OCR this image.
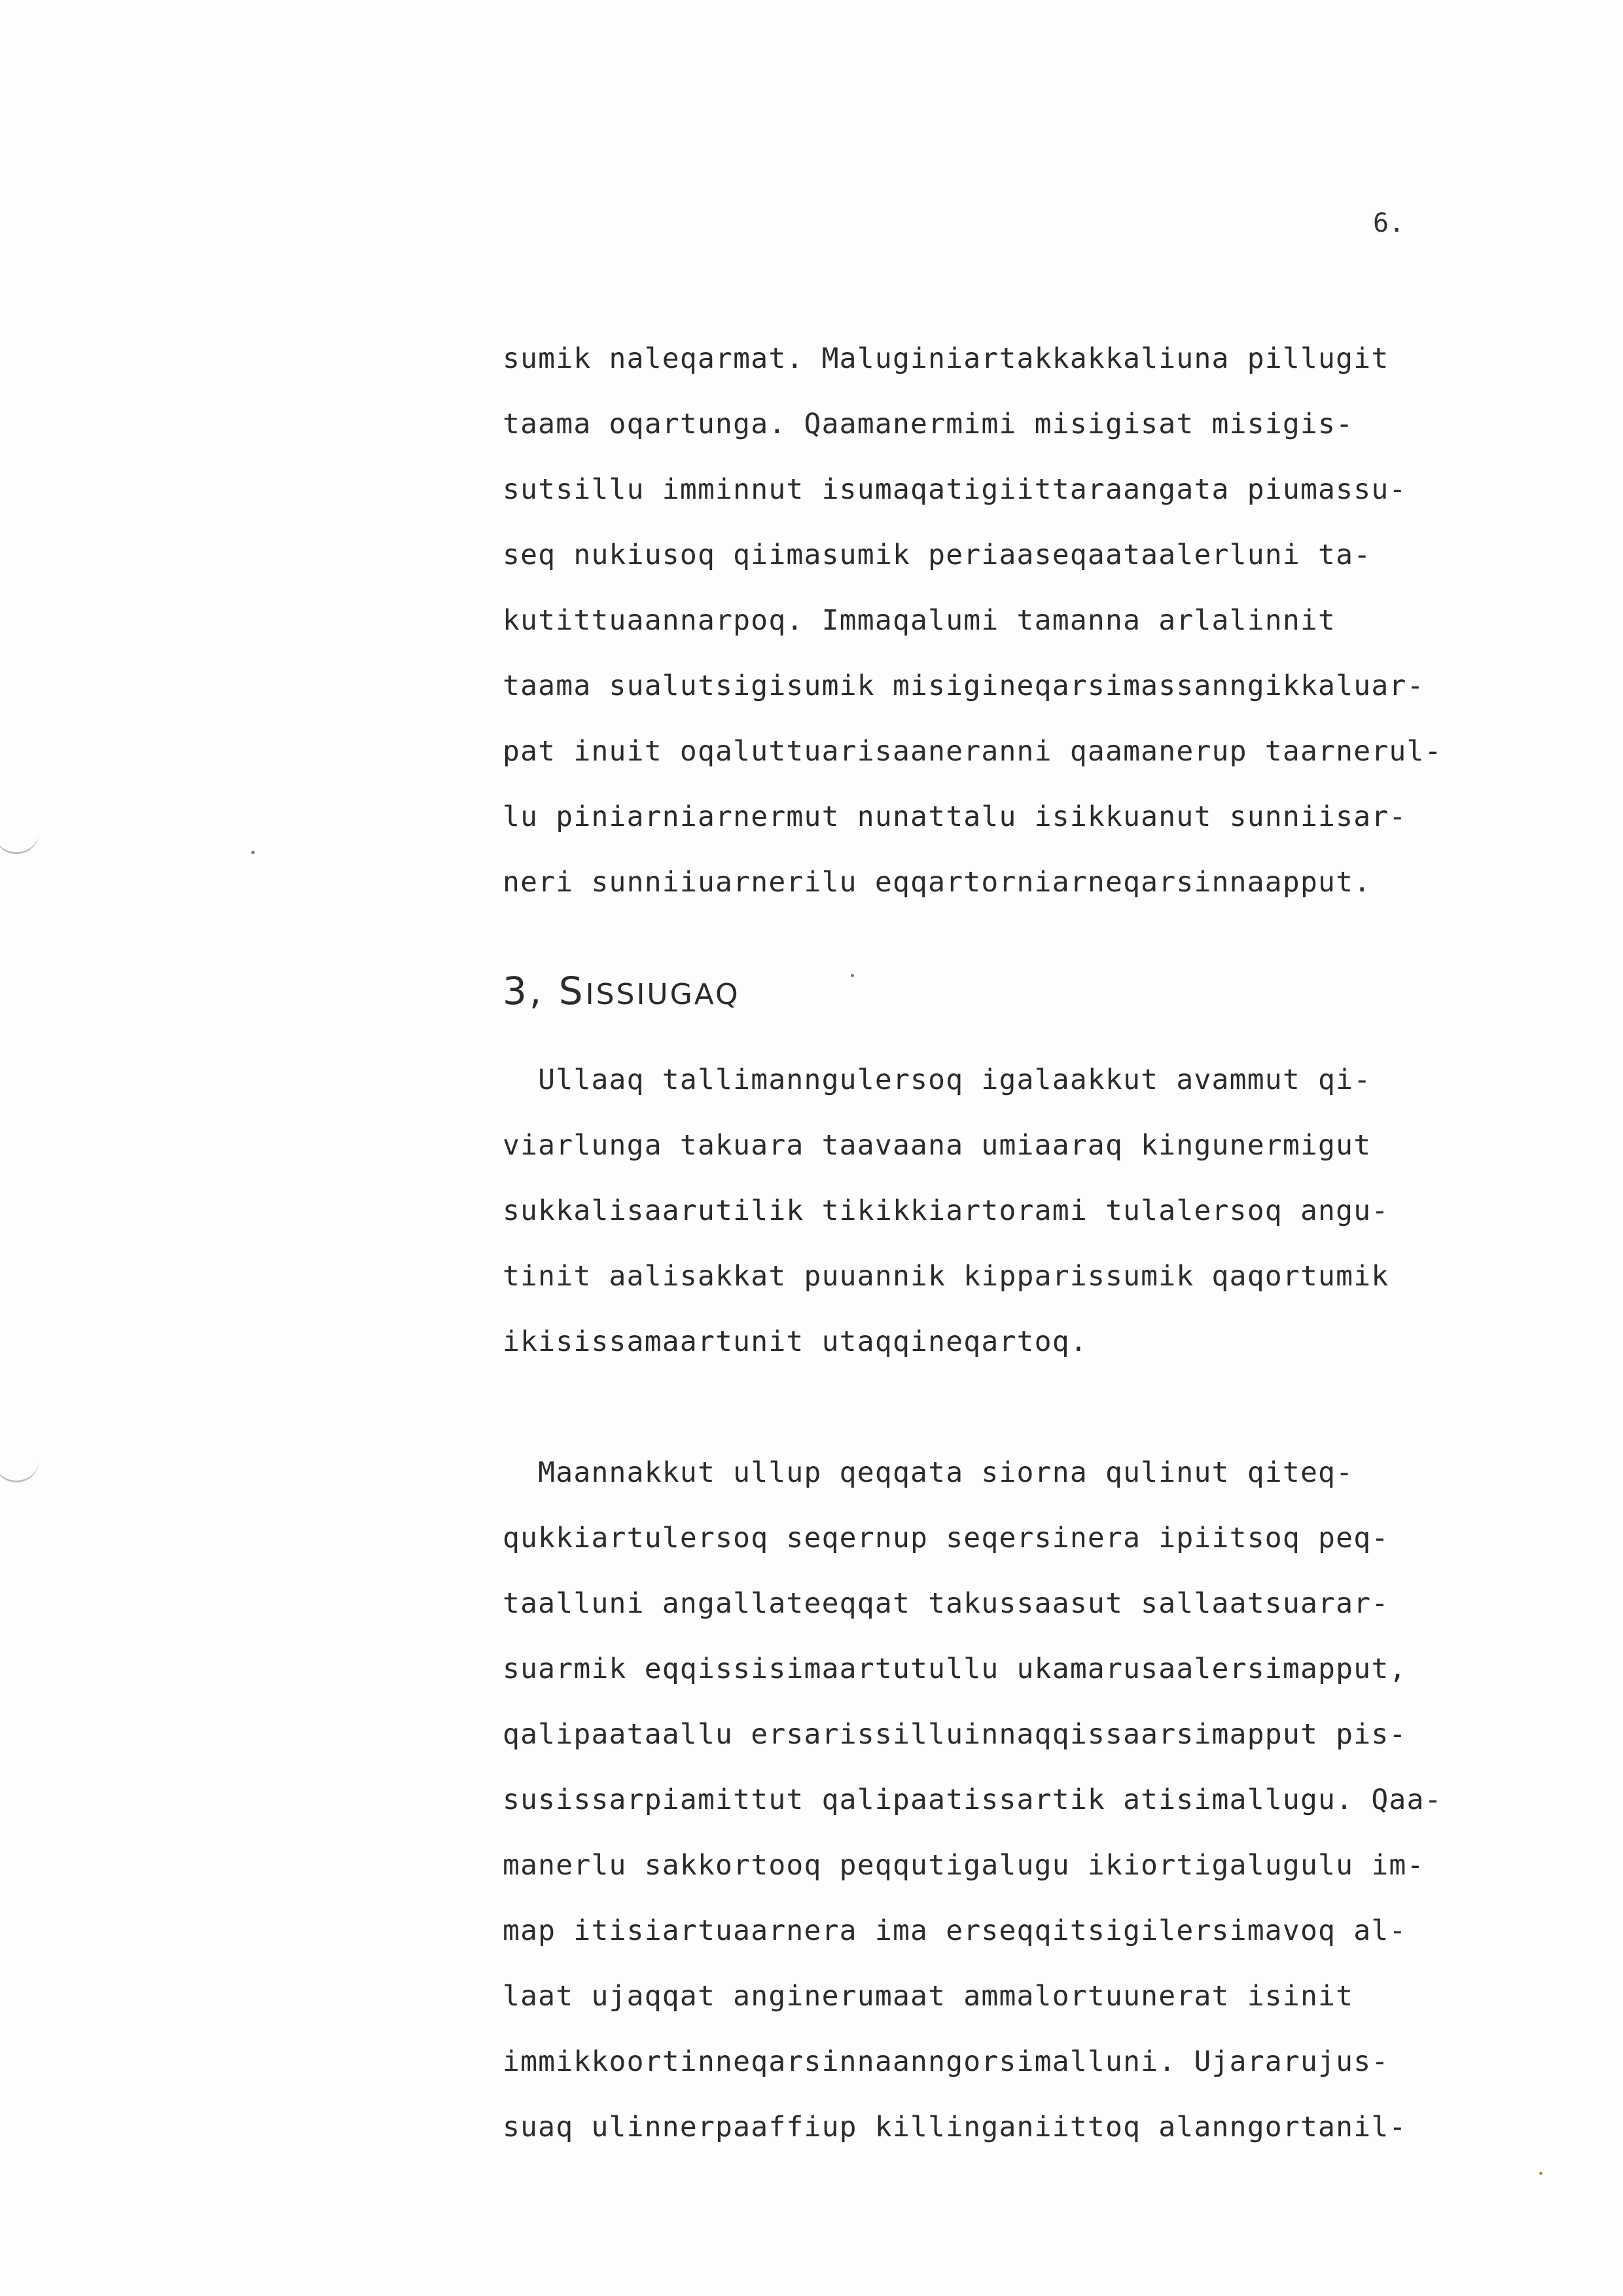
6.
sumik naleqarmat. Maluginiartakkakkaliuna pillugit
taama oqartunga. Qaamanermimi misigisat misigis-
sutsillu imminnut isumaqatigiittaraangata piumassu-
seq nukiusoq qiimasumik periaaseqaataalerluni ta-
kutittuaannarpoq. Immaqalumi tamanna arlalinnit
taama sualutsigisumik misigineqarsimassanngikkaluar-
pat inuit oqaluttuarisaaneranni qaamanerup taarnerul-
lu piniarniarnermut nunattalu isikkuanut sunniisar-
neri sunniiuarnerilu eqqartorniarneqarsinnaapput.
3, SISSIUGAQ
Ullaaq tallimanngulersoq igalaakkut avammut qi-
viarlunga takuara taavaana umiaaraq kingunermigut
sukkalisaarutilik tikikkiartorami tulalersoq angu-
tinit aalisakkat puuannik kipparissumik qaqortumik
ikisissamaartunit utaqqineqartoq.
Maannakkut ullup qeqqata siorna qulinut qiteq-
qukkiartulersoq seqernup seqersinera ipiitsoq peq-
taalluni angallateeqqat takussaasut sallaatsuarar-
suarmik eqqissisimaartutullu ukamarusaalersimapput,
qalipaataallu ersarissilluinnaqqissaarsimapput pis-
susissarpiamittut qalipaatissartik atisimallugu. Qaa-
manerlu sakkortooq peqqutigalugu ikiortigalugulu im-
map itisiartuaarnera ima erseqqitsigilersimavoq al-
laat ujaqqat anginerumaat ammalortuunerat isinit
immikkoortinneqarsinnaanngorsimalluni. Ujararujus-
suaq ulinnerpaaffiup killinganiittoq alanngortanil-
